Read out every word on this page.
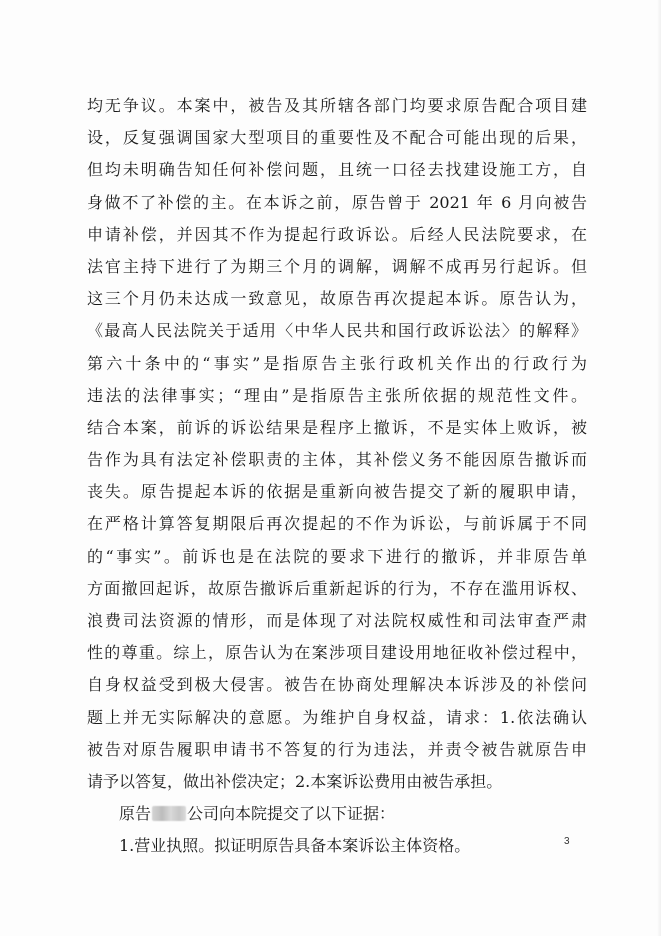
均无争议。本案中，被告及其所辖各部门均要求原告配合项目建
设，反复强调国家大型项目的重要性及不配合可能出现的后果，
但均未明确告知任何补偿问题，且统一口径去找建设施工方，自
身做不了补偿的主。在本诉之前，原告曾于 2021 年 6 月向被告
申请补偿，并因其不作为提起行政诉讼。后经人民法院要求，在
法官主持下进行了为期三个月的调解，调解不成再另行起诉。但
这三个月仍未达成一致意见，故原告再次提起本诉。原告认为，
《最高人民法院关于适用〈中华人民共和国行政诉讼法〉的解释》
第六十条中的“事实”是指原告主张行政机关作出的行政行为
违法的法律事实；“理由”是指原告主张所依据的规范性文件。
结合本案，前诉的诉讼结果是程序上撤诉，不是实体上败诉，被
告作为具有法定补偿职责的主体，其补偿义务不能因原告撤诉而
丧失。原告提起本诉的依据是重新向被告提交了新的履职申请，
在严格计算答复期限后再次提起的不作为诉讼，与前诉属于不同
的“事实”。前诉也是在法院的要求下进行的撤诉，并非原告单
方面撤回起诉，故原告撤诉后重新起诉的行为，不存在滥用诉权、
浪费司法资源的情形，而是体现了对法院权威性和司法审查严肃
性的尊重。综上，原告认为在案涉项目建设用地征收补偿过程中，
自身权益受到极大侵害。被告在协商处理解决本诉涉及的补偿问
题上并无实际解决的意愿。为维护自身权益，请求：1.依法确认
被告对原告履职申请书不答复的行为违法，并责令被告就原告申
请予以答复，做出补偿决定；2.本案诉讼费用由被告承担。
原告 公司向本院提交了以下证据：
1.营业执照。拟证明原告具备本案诉讼主体资格。	3
